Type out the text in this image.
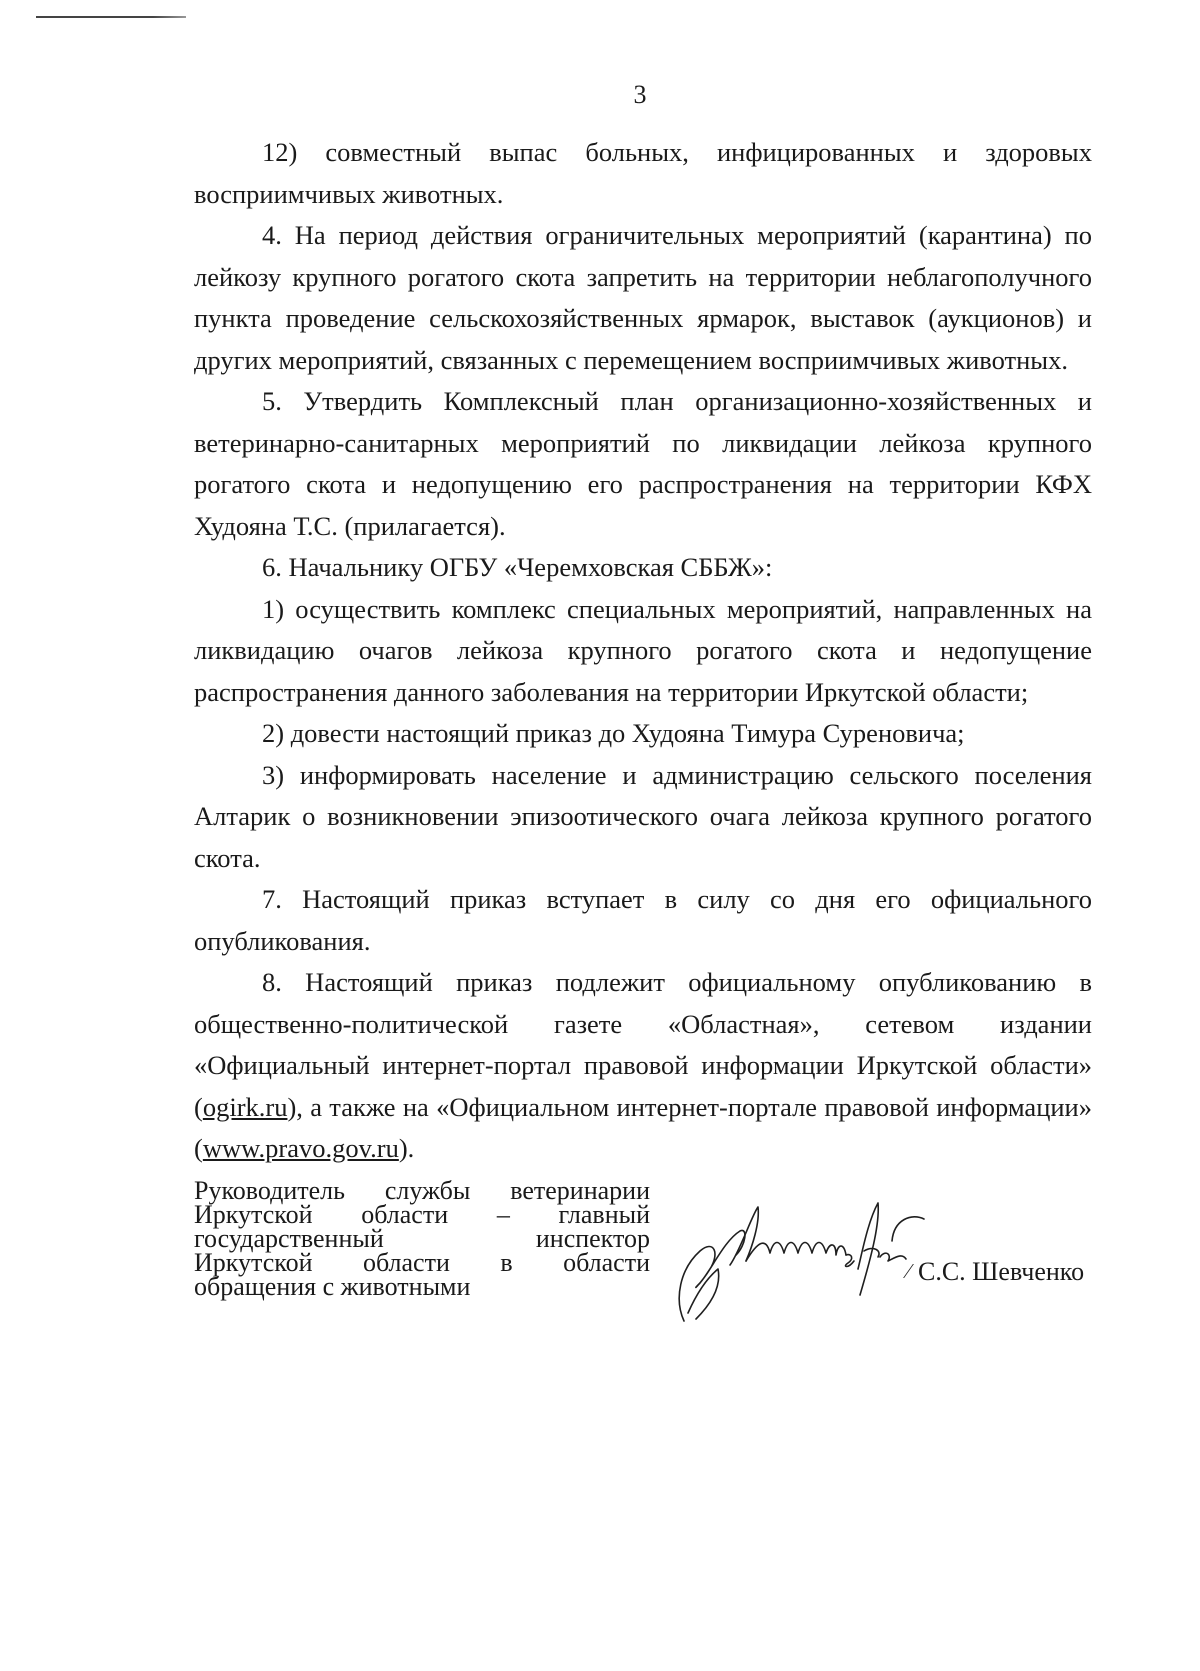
3

12) совместный выпас больных, инфицированных и здоровых восприимчивых животных.

4. На период действия ограничительных мероприятий (карантина) по лейкозу крупного рогатого скота запретить на территории неблагополучного пункта проведение сельскохозяйственных ярмарок, выставок (аукционов) и других мероприятий, связанных с перемещением восприимчивых животных.

5. Утвердить Комплексный план организационно-хозяйственных и ветеринарно-санитарных мероприятий по ликвидации лейкоза крупного рогатого скота и недопущению его распространения на территории КФХ Худояна Т.С. (прилагается).

6. Начальнику ОГБУ «Черемховская СББЖ»:

1) осуществить комплекс специальных мероприятий, направленных на ликвидацию очагов лейкоза крупного рогатого скота и недопущение распространения данного заболевания на территории Иркутской области;

2) довести настоящий приказ до Худояна Тимура Суреновича;

3) информировать население и администрацию сельского поселения Алтарик о возникновении эпизоотического очага лейкоза крупного рогатого скота.

7. Настоящий приказ вступает в силу со дня его официального опубликования.

8. Настоящий приказ подлежит официальному опубликованию в общественно-политической газете «Областная», сетевом издании «Официальный интернет-портал правовой информации Иркутской области» (ogirk.ru), а также на «Официальном интернет-портале правовой информации» (www.pravo.gov.ru).

Руководитель службы ветеринарии
Иркутской области – главный
государственный инспектор
Иркутской области в области
обращения с животными
С.С. Шевченко
